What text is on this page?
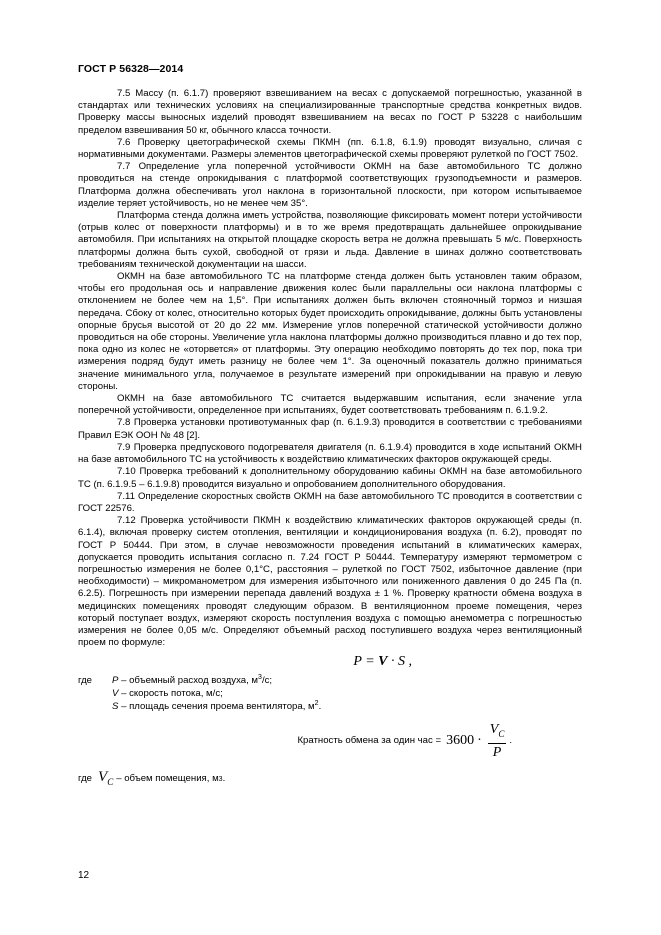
ГОСТ Р 56328—2014

7.5 Массу (п. 6.1.7) проверяют взвешиванием на весах с допускаемой погрешностью, указанной в стандартах или технических условиях на специализированные транспортные средства конкретных видов. Проверку массы выносных изделий проводят взвешиванием на весах по ГОСТ Р 53228 с наибольшим пределом взвешивания 50 кг, обычного класса точности.

7.6 Проверку цветографической схемы ПКМН (пп. 6.1.8, 6.1.9) проводят визуально, сличая с нормативными документами. Размеры элементов цветографической схемы проверяют рулеткой по ГОСТ 7502.

7.7 Определение угла поперечной устойчивости ОКМН на базе автомобильного ТС должно проводиться на стенде опрокидывания с платформой соответствующих грузоподъемности и размеров. Платформа должна обеспечивать угол наклона в горизонтальной плоскости, при котором испытываемое изделие теряет устойчивость, но не менее чем 35°.

Платформа стенда должна иметь устройства, позволяющие фиксировать момент потери устойчивости (отрыв колес от поверхности платформы) и в то же время предотвращать дальнейшее опрокидывание автомобиля. При испытаниях на открытой площадке скорость ветра не должна превышать 5 м/с. Поверхность платформы должна быть сухой, свободной от грязи и льда. Давление в шинах должно соответствовать требованиям технической документации на шасси.

ОКМН на базе автомобильного ТС на платформе стенда должен быть установлен таким образом, чтобы его продольная ось и направление движения колес были параллельны оси наклона платформы с отклонением не более чем на 1,5°. При испытаниях должен быть включен стояночный тормоз и низшая передача. Сбоку от колес, относительно которых будет происходить опрокидывание, должны быть установлены опорные брусья высотой от 20 до 22 мм. Измерение углов поперечной статической устойчивости должно проводиться на обе стороны. Увеличение угла наклона платформы должно производиться плавно и до тех пор, пока одно из колес не «оторвется» от платформы. Эту операцию необходимо повторять до тех пор, пока три измерения подряд будут иметь разницу не более чем 1°. За оценочный показатель должно приниматься значение минимального угла, получаемое в результате измерений при опрокидывании на правую и левую стороны.

ОКМН на базе автомобильного ТС считается выдержавшим испытания, если значение угла поперечной устойчивости, определенное при испытаниях, будет соответствовать требованиям п. 6.1.9.2.

7.8 Проверка установки противотуманных фар (п. 6.1.9.3) проводится в соответствии с требованиями Правил ЕЭК ООН № 48 [2].

7.9 Проверка предпускового подогревателя двигателя (п. 6.1.9.4) проводится в ходе испытаний ОКМН на базе автомобильного ТС на устойчивость к воздействию климатических факторов окружающей среды.

7.10 Проверка требований к дополнительному оборудованию кабины ОКМН на базе автомобильного ТС (п. 6.1.9.5 – 6.1.9.8) проводится визуально и опробованием дополнительного оборудования.

7.11 Определение скоростных свойств ОКМН на базе автомобильного ТС проводится в соответствии с ГОСТ 22576.

7.12 Проверка устойчивости ПКМН к воздействию климатических факторов окружающей среды (п. 6.1.4), включая проверку систем отопления, вентиляции и кондиционирования воздуха (п. 6.2), проводят по ГОСТ Р 50444. При этом, в случае невозможности проведения испытаний в климатических камерах, допускается проводить испытания согласно п. 7.24 ГОСТ Р 50444. Температуру измеряют термометром с погрешностью измерения не более 0,1°С, расстояния – рулеткой по ГОСТ 7502, избыточное давление (при необходимости) – микроманометром для измерения избыточного или пониженного давления 0 до 245 Па (п. 6.2.5). Погрешность при измерении перепада давлений воздуха ± 1 %. Проверку кратности обмена воздуха в медицинских помещениях проводят следующим образом. В вентиляционном проеме помещения, через который поступает воздух, измеряют скорость поступления воздуха с помощью анемометра с погрешностью измерения не более 0,05 м/с. Определяют объемный расход поступившего воздуха через вентиляционный проем по формуле:

P = V · S ,
где	P – объемный расход воздуха, $м^3/с$;
	V – скорость потока, м/с;
	S – площадь сечения проема вентилятора, $м^2$.
Кратность обмена за один час = $3600 \cdot \frac{V_C}{P}$ .
где $V_C$ – объем помещения, м 3 .
12
